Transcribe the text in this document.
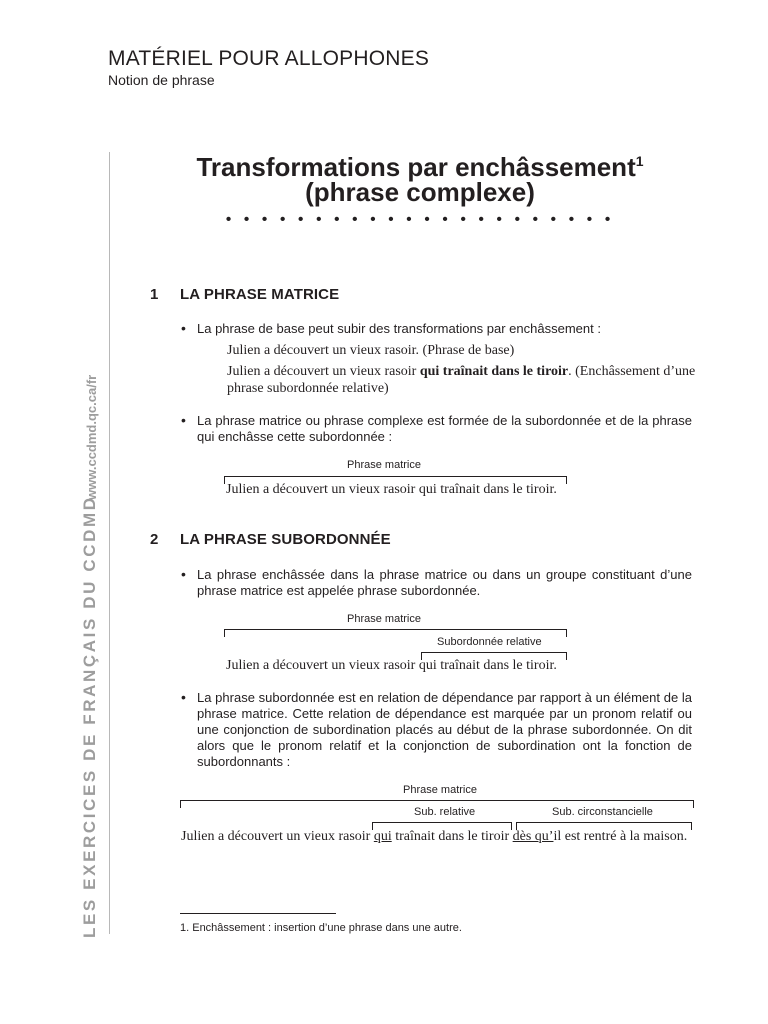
MATÉRIEL POUR ALLOPHONES
Notion de phrase
www.ccdmd.qc.ca/fr
LES EXERCICES DE FRANÇAIS DU CCDMD
Transformations par enchâssement$^1$
(phrase complexe)
• • • • • • • • • • • • • • • • • • • • • •
1 LA PHRASE MATRICE
• La phrase de base peut subir des transformations par enchâssement :
Julien a découvert un vieux rasoir. (Phrase de base)
Julien a découvert un vieux rasoir qui traînait dans le tiroir. (Enchâssement d’une phrase subordonnée relative)
• La phrase matrice ou phrase complexe est formée de la subordonnée et de la phrase qui enchâsse cette subordonnée :
Phrase matrice
Julien a découvert un vieux rasoir qui traînait dans le tiroir.
2 LA PHRASE SUBORDONNÉE
• La phrase enchâssée dans la phrase matrice ou dans un groupe constituant d’une phrase matrice est appelée phrase subordonnée.
Phrase matrice
Subordonnée relative
Julien a découvert un vieux rasoir qui traînait dans le tiroir.
• La phrase subordonnée est en relation de dépendance par rapport à un élément de la phrase matrice. Cette relation de dépendance est marquée par un pronom relatif ou une conjonction de subordination placés au début de la phrase subordonnée. On dit alors que le pronom relatif et la conjonction de subordination ont la fonction de subordonnants :
Phrase matrice
Sub. relative	Sub. circonstancielle
Julien a découvert un vieux rasoir qui traînait dans le tiroir dès qu’il est rentré à la maison.
1. Enchâssement : insertion d’une phrase dans une autre.
